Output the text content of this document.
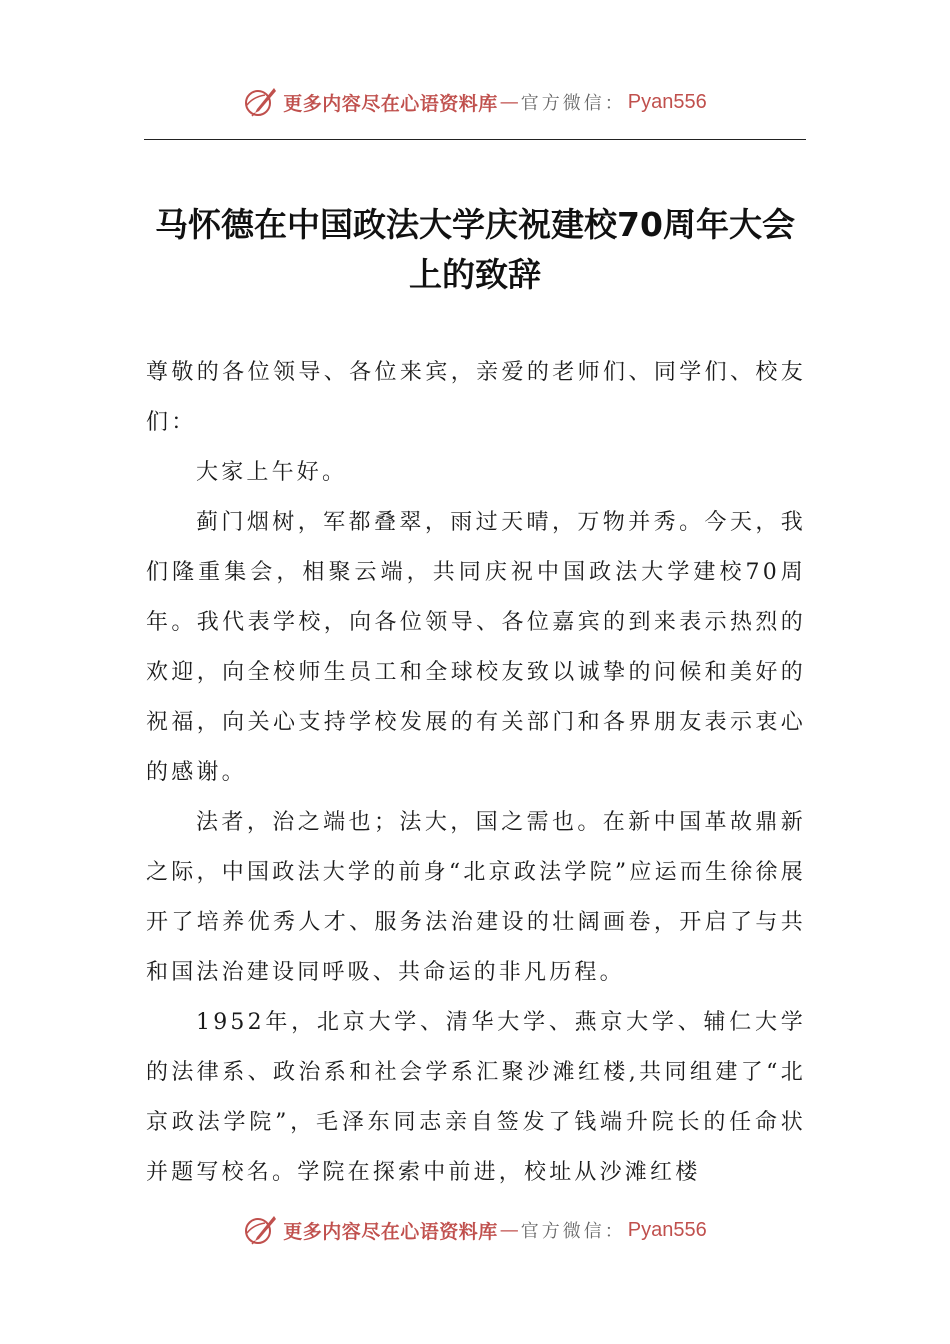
更多内容尽在心语资料库 — 官方微信： Pyan556
马怀德在中国政法大学庆祝建校70周年大会上的致辞

尊敬的各位领导、各位来宾，亲爱的老师们、同学们、校友们：

大家上午好。

蓟门烟树，军都叠翠，雨过天晴，万物并秀。今天，我们隆重集会，相聚云端，共同庆祝中国政法大学建校70周年。我代表学校，向各位领导、各位嘉宾的到来表示热烈的欢迎，向全校师生员工和全球校友致以诚挚的问候和美好的祝福，向关心支持学校发展的有关部门和各界朋友表示衷心的感谢。

法者，治之端也；法大，国之需也。在新中国革故鼎新之际，中国政法大学的前身“北京政法学院”应运而生徐徐展开了培养优秀人才、服务法治建设的壮阔画卷，开启了与共和国法治建设同呼吸、共命运的非凡历程。

1952年，北京大学、清华大学、燕京大学、辅仁大学的法律系、政治系和社会学系汇聚沙滩红楼,共同组建了“北京政法学院”，毛泽东同志亲自签发了钱端升院长的任命状并题写校名。学院在探索中前进，校址从沙滩红楼

更多内容尽在心语资料库 — 官方微信： Pyan556
